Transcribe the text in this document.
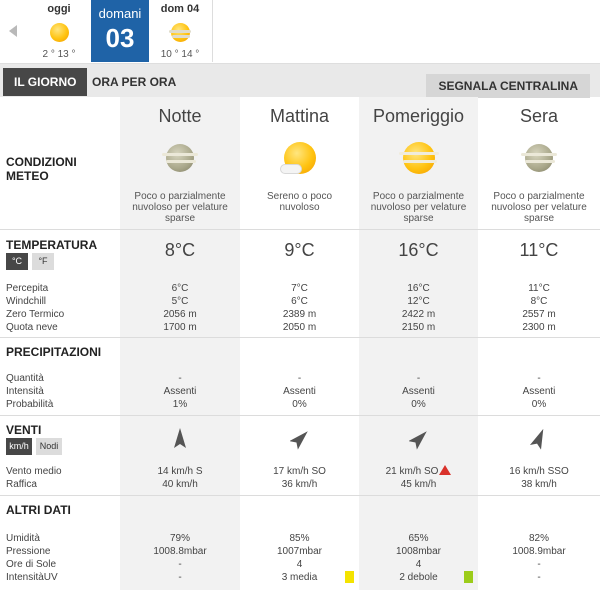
oggi
2 ° 13 °
domani
03
dom 04
10 ° 14 °
IL GIORNO	ORA PER ORA	SEGNALA CENTRALINA
CONDIZIONI METEO
Notte
Poco o parzialmente nuvoloso per velature sparse
Mattina
Sereno o poco nuvoloso
Pomeriggio
Poco o parzialmente nuvoloso per velature sparse
Sera
Poco o parzialmente nuvoloso per velature sparse
TEMPERATURA
°C °F
Percepita
Windchill
Zero Termico
Quota neve
8°C
6°C
5°C
2056 m
1700 m
9°C
7°C
6°C
2389 m
2050 m
16°C
16°C
12°C
2422 m
2150 m
11°C
11°C
8°C
2557 m
2300 m
PRECIPITAZIONI
Quantità
Intensità
Probabilità
-
Assenti
1%
-
Assenti
0%
-
Assenti
0%
-
Assenti
0%
VENTI
km/h Nodi
Vento medio
Raffica
14 km/h S
40 km/h
17 km/h SO
36 km/h
21 km/h SO
45 km/h
16 km/h SSO
38 km/h
ALTRI DATI
Umidità
Pressione
Ore di Sole
IntensitàUV
79%
1008.8mbar
-
-
85%
1007mbar
4
3 media
65%
1008mbar
4
2 debole
82%
1008.9mbar
-
-
